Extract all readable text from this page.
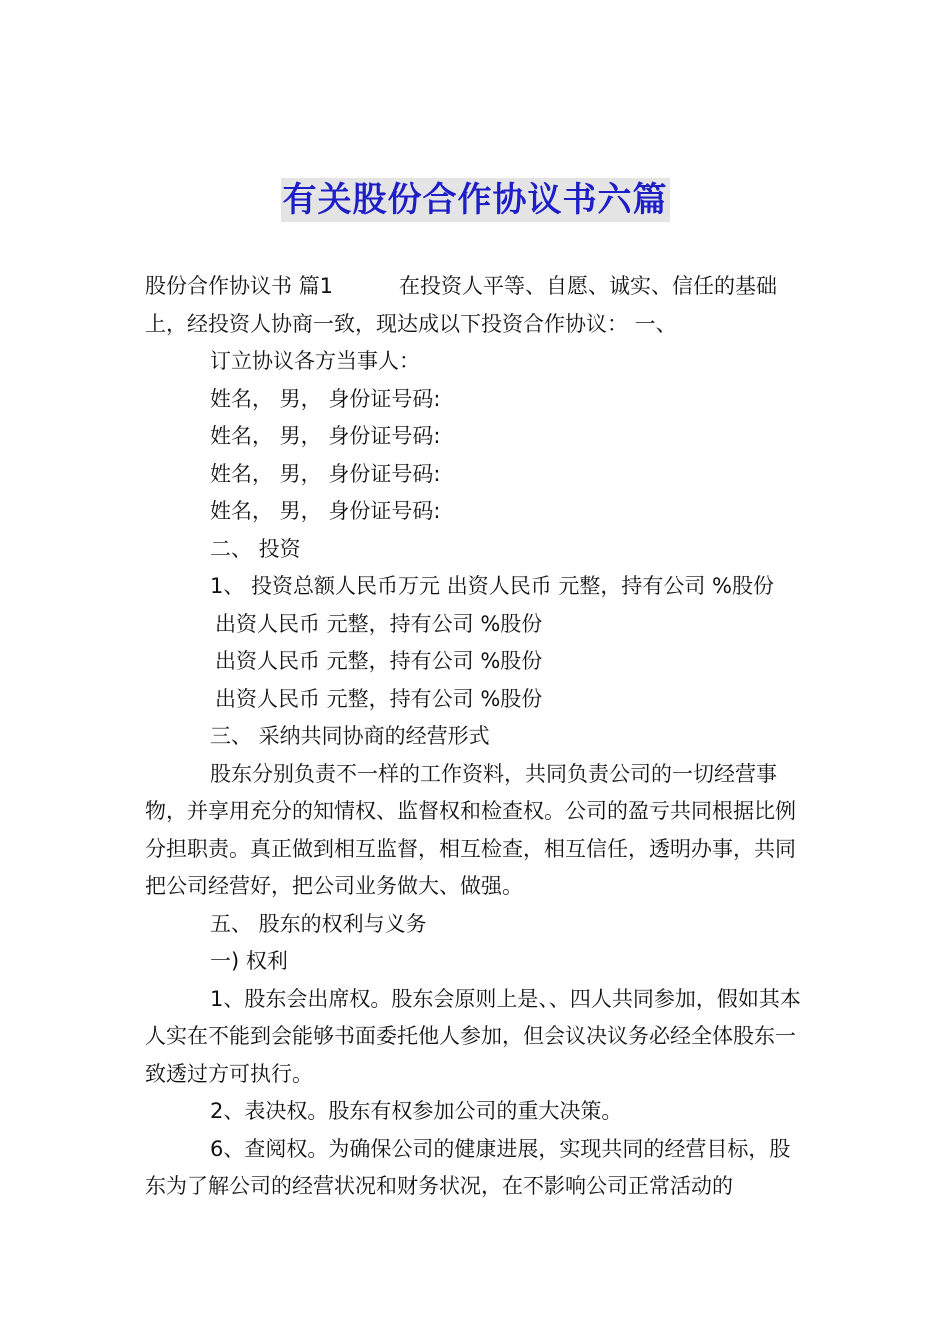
有关股份合作协议书六篇

股份合作协议书 篇1	在投资人平等、自愿、诚实、信任的基础上，经投资人协商一致，现达成以下投资合作协议： 一、

订立协议各方当事人：

姓名， 男， 身份证号码:

姓名， 男， 身份证号码:

姓名， 男， 身份证号码:

姓名， 男， 身份证号码:

二、 投资

1、 投资总额人民币万元 出资人民币 元整，持有公司 %股份

出资人民币 元整，持有公司 %股份

出资人民币 元整，持有公司 %股份

出资人民币 元整，持有公司 %股份

三、 采纳共同协商的经营形式

股东分别负责不一样的工作资料，共同负责公司的一切经营事物，并享用充分的知情权、监督权和检查权。公司的盈亏共同根据比例分担职责。真正做到相互监督，相互检查，相互信任，透明办事，共同把公司经营好，把公司业务做大、做强。

五、 股东的权利与义务

一) 权利

1、股东会出席权。股东会原则上是、、四人共同参加，假如其本人实在不能到会能够书面委托他人参加，但会议决议务必经全体股东一致透过方可执行。

2、表决权。股东有权参加公司的重大决策。

6、查阅权。为确保公司的健康进展，实现共同的经营目标，股东为了解公司的经营状况和财务状况，在不影响公司正常活动的
